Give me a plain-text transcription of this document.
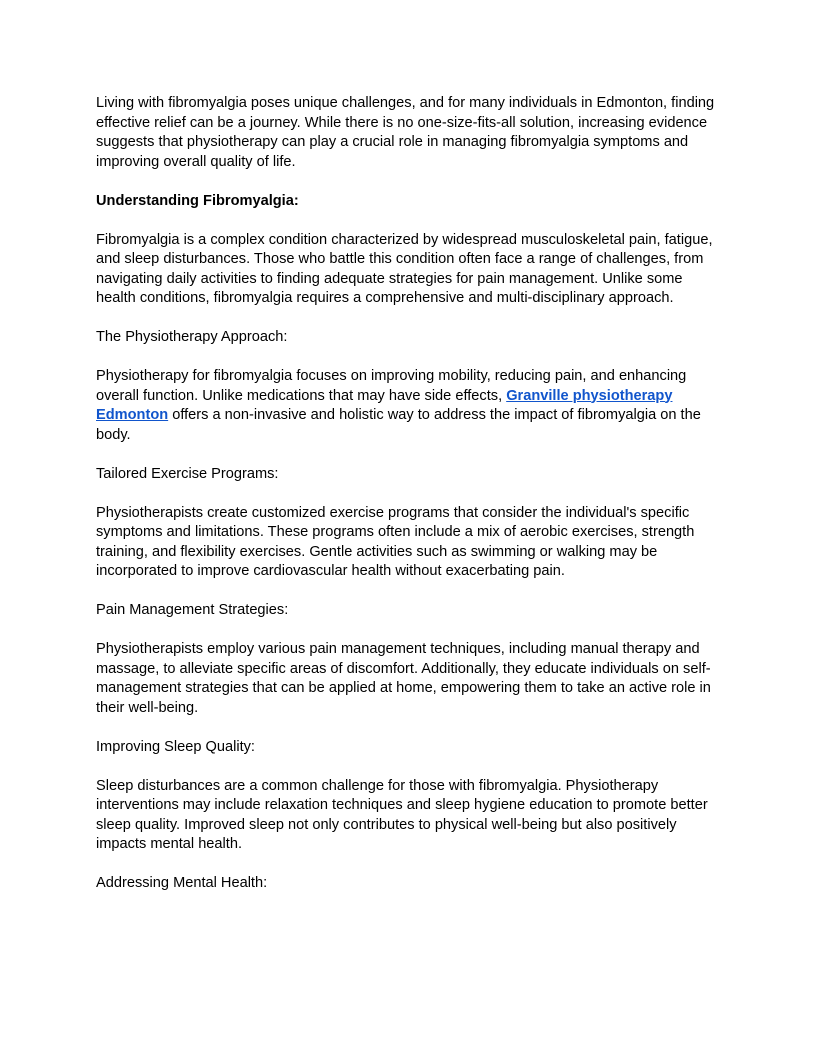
Living with fibromyalgia poses unique challenges, and for many individuals in Edmonton, finding effective relief can be a journey. While there is no one-size-fits-all solution, increasing evidence suggests that physiotherapy can play a crucial role in managing fibromyalgia symptoms and improving overall quality of life.

Understanding Fibromyalgia:

Fibromyalgia is a complex condition characterized by widespread musculoskeletal pain, fatigue, and sleep disturbances. Those who battle this condition often face a range of challenges, from navigating daily activities to finding adequate strategies for pain management. Unlike some health conditions, fibromyalgia requires a comprehensive and multi-disciplinary approach.

The Physiotherapy Approach:

Physiotherapy for fibromyalgia focuses on improving mobility, reducing pain, and enhancing overall function. Unlike medications that may have side effects, Granville physiotherapy Edmonton offers a non-invasive and holistic way to address the impact of fibromyalgia on the body.

Tailored Exercise Programs:

Physiotherapists create customized exercise programs that consider the individual's specific symptoms and limitations. These programs often include a mix of aerobic exercises, strength training, and flexibility exercises. Gentle activities such as swimming or walking may be incorporated to improve cardiovascular health without exacerbating pain.

Pain Management Strategies:

Physiotherapists employ various pain management techniques, including manual therapy and massage, to alleviate specific areas of discomfort. Additionally, they educate individuals on self-management strategies that can be applied at home, empowering them to take an active role in their well-being.

Improving Sleep Quality:

Sleep disturbances are a common challenge for those with fibromyalgia. Physiotherapy interventions may include relaxation techniques and sleep hygiene education to promote better sleep quality. Improved sleep not only contributes to physical well-being but also positively impacts mental health.

Addressing Mental Health:
